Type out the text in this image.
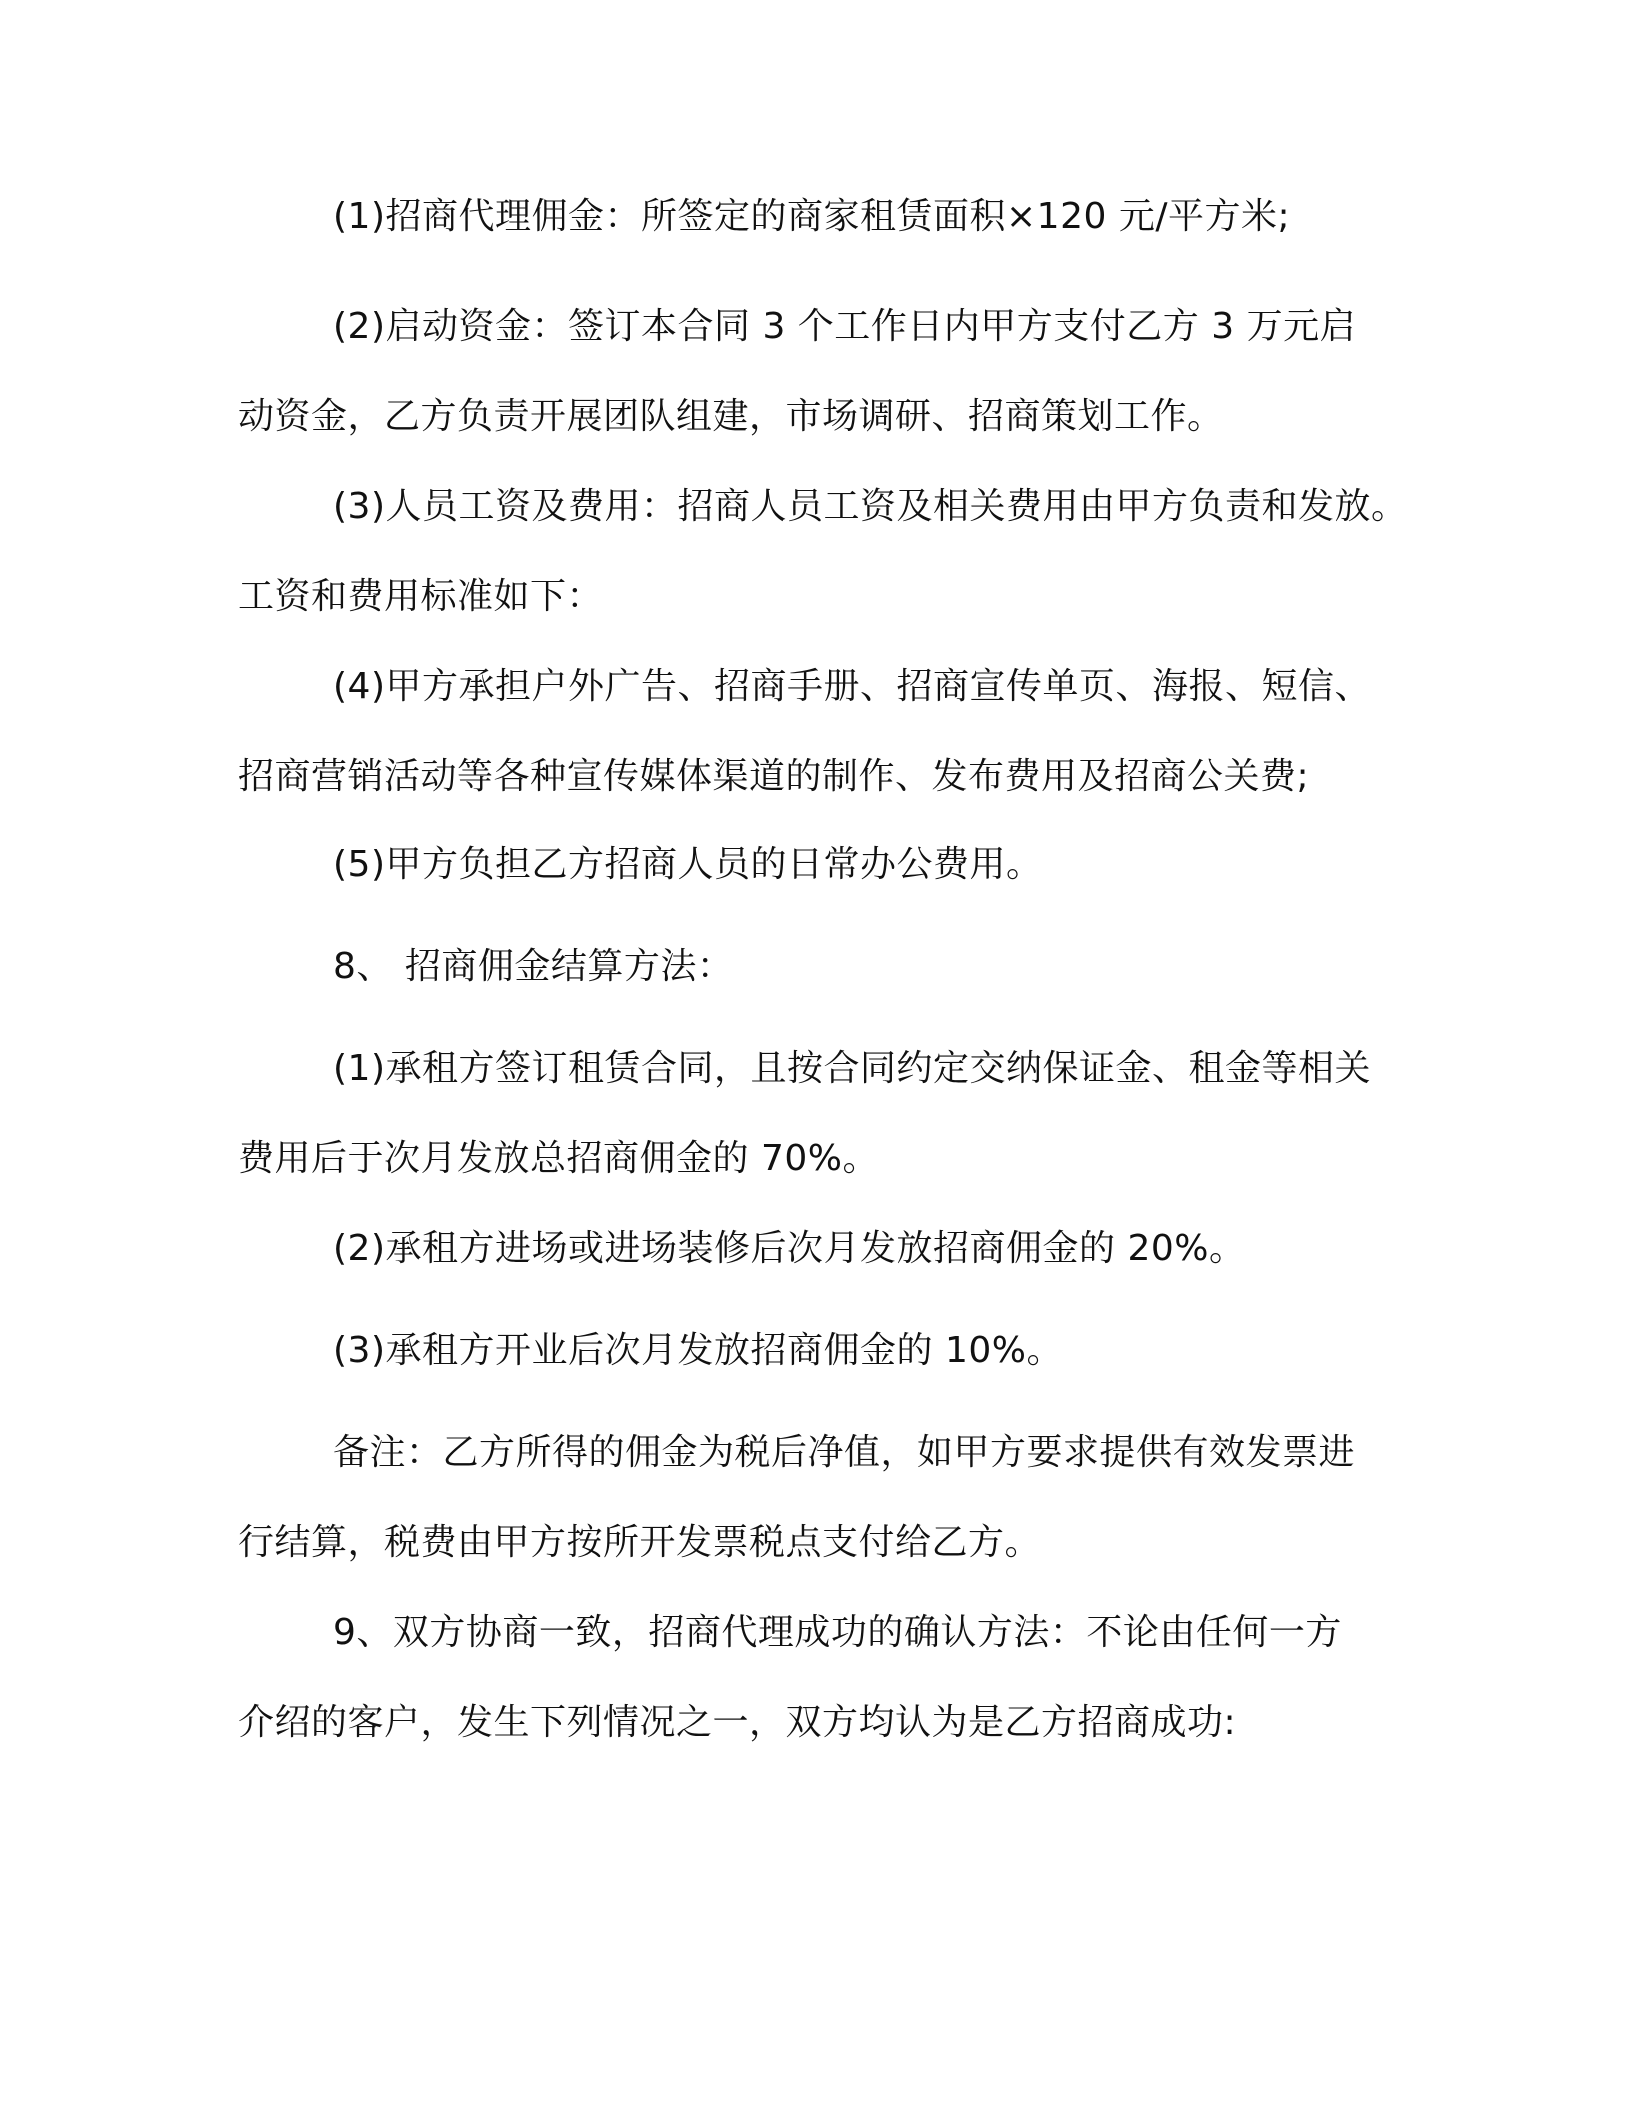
(1)招商代理佣金：所签定的商家租赁面积×120 元/平方米;
(2)启动资金：签订本合同 3 个工作日内甲方支付乙方 3 万元启
动资金，乙方负责开展团队组建，市场调研、招商策划工作。
(3)人员工资及费用：招商人员工资及相关费用由甲方负责和发放。
工资和费用标准如下：
(4)甲方承担户外广告、招商手册、招商宣传单页、海报、短信、
招商营销活动等各种宣传媒体渠道的制作、发布费用及招商公关费;
(5)甲方负担乙方招商人员的日常办公费用。
8、 招商佣金结算方法：
(1)承租方签订租赁合同，且按合同约定交纳保证金、租金等相关
费用后于次月发放总招商佣金的 70%。
(2)承租方进场或进场装修后次月发放招商佣金的 20%。
(3)承租方开业后次月发放招商佣金的 10%。
备注：乙方所得的佣金为税后净值，如甲方要求提供有效发票进
行结算，税费由甲方按所开发票税点支付给乙方。
9、双方协商一致，招商代理成功的确认方法：不论由任何一方
介绍的客户，发生下列情况之一，双方均认为是乙方招商成功:
